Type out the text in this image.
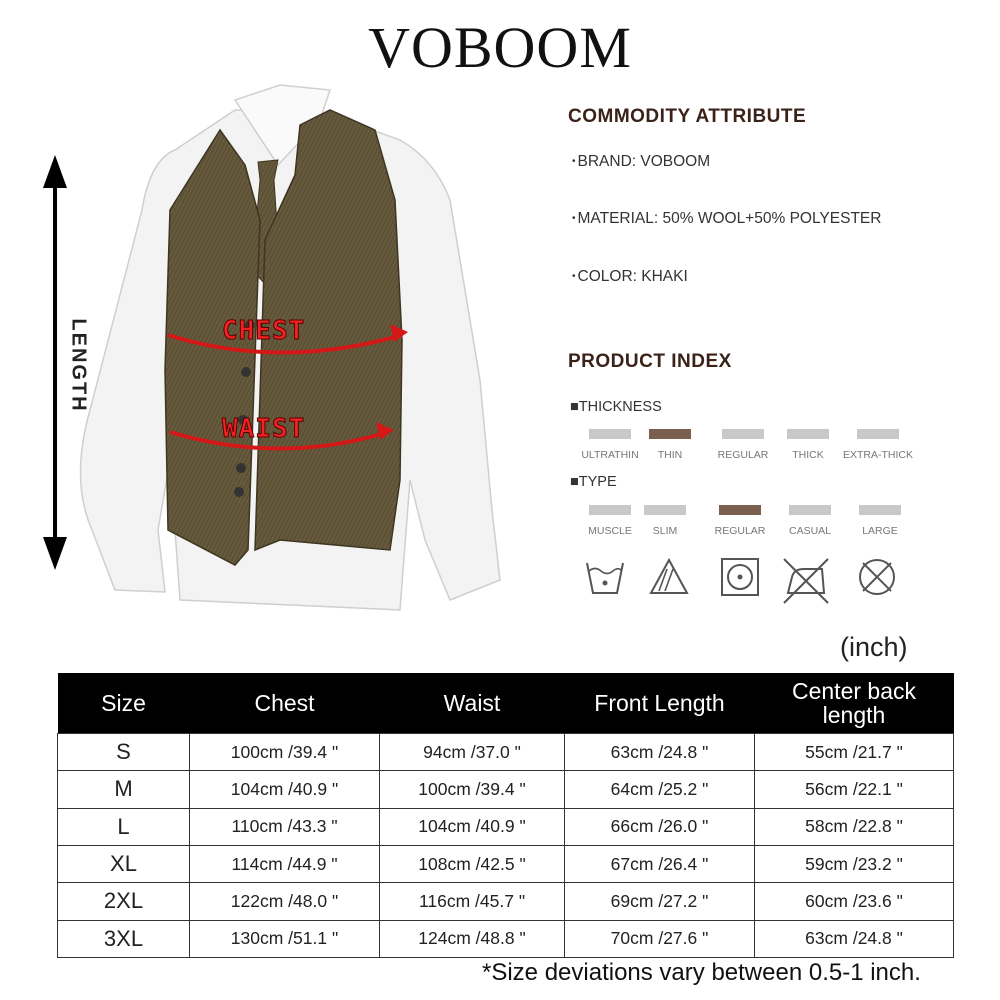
VOBOOM
LENGTH	CHEST
WAIST
COMMODITY ATTRIBUTE
• BRAND: VOBOOM
• MATERIAL: 50% WOOL+50% POLYESTER
• COLOR: KHAKI
PRODUCT INDEX
■THICKNESS
ULTRATHIN	THIN	REGULAR	THICK	EXTRA-THICK
■TYPE
MUSCLE	SLIM	REGULAR	CASUAL	LARGE
(inch)
Size	Chest	Waist	Front Length	Center back length
S	100cm /39.4 "	94cm /37.0 "	63cm /24.8 "	55cm /21.7 "
M	104cm /40.9 "	100cm /39.4 "	64cm /25.2 "	56cm /22.1 "
L	110cm /43.3 "	104cm /40.9 "	66cm /26.0 "	58cm /22.8 "
XL	114cm /44.9 "	108cm /42.5 "	67cm /26.4 "	59cm /23.2 "
2XL	122cm /48.0 "	116cm /45.7 "	69cm /27.2 "	60cm /23.6 "
3XL	130cm /51.1 "	124cm /48.8 "	70cm /27.6 "	63cm /24.8 "
*Size deviations vary between 0.5-1 inch.
